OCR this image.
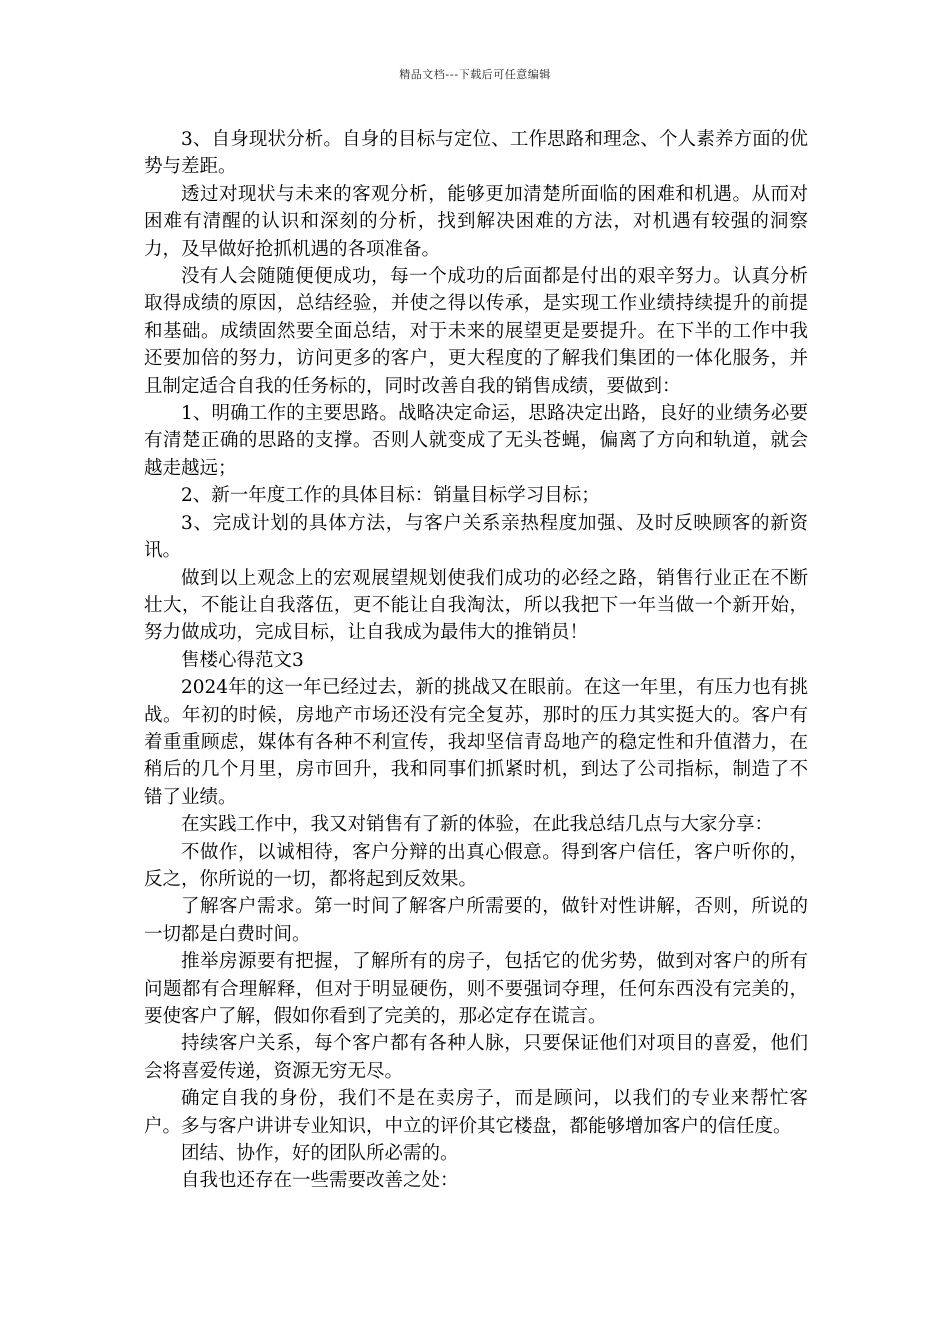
精品文档---下载后可任意编辑

3、自身现状分析。自身的目标与定位、工作思路和理念、个人素养方面的优势与差距。

透过对现状与未来的客观分析，能够更加清楚所面临的困难和机遇。从而对困难有清醒的认识和深刻的分析，找到解决困难的方法，对机遇有较强的洞察力，及早做好抢抓机遇的各项准备。

没有人会随随便便成功，每一个成功的后面都是付出的艰辛努力。认真分析取得成绩的原因，总结经验，并使之得以传承，是实现工作业绩持续提升的前提和基础。成绩固然要全面总结，对于未来的展望更是要提升。在下半的工作中我还要加倍的努力，访问更多的客户，更大程度的了解我们集团的一体化服务，并且制定适合自我的任务标的，同时改善自我的销售成绩，要做到：

1、明确工作的主要思路。战略决定命运，思路决定出路，良好的业绩务必要有清楚正确的思路的支撑。否则人就变成了无头苍蝇，偏离了方向和轨道，就会越走越远；

2、新一年度工作的具体目标：销量目标学习目标；

3、完成计划的具体方法，与客户关系亲热程度加强、及时反映顾客的新资讯。

做到以上观念上的宏观展望规划使我们成功的必经之路，销售行业正在不断壮大，不能让自我落伍，更不能让自我淘汰，所以我把下一年当做一个新开始，努力做成功，完成目标，让自我成为最伟大的推销员！

售楼心得范文3

2024年的这一年已经过去，新的挑战又在眼前。在这一年里，有压力也有挑战。年初的时候，房地产市场还没有完全复苏，那时的压力其实挺大的。客户有着重重顾虑，媒体有各种不利宣传，我却坚信青岛地产的稳定性和升值潜力，在稍后的几个月里，房市回升，我和同事们抓紧时机，到达了公司指标，制造了不错了业绩。

在实践工作中，我又对销售有了新的体验，在此我总结几点与大家分享：

不做作，以诚相待，客户分辩的出真心假意。得到客户信任，客户听你的，反之，你所说的一切，都将起到反效果。

了解客户需求。第一时间了解客户所需要的，做针对性讲解，否则，所说的一切都是白费时间。

推举房源要有把握，了解所有的房子，包括它的优劣势，做到对客户的所有问题都有合理解释，但对于明显硬伤，则不要强词夺理，任何东西没有完美的，要使客户了解，假如你看到了完美的，那必定存在谎言。

持续客户关系，每个客户都有各种人脉，只要保证他们对项目的喜爱，他们会将喜爱传递，资源无穷无尽。

确定自我的身份，我们不是在卖房子，而是顾问，以我们的专业来帮忙客户。多与客户讲讲专业知识，中立的评价其它楼盘，都能够增加客户的信任度。

团结、协作，好的团队所必需的。

自我也还存在一些需要改善之处：
